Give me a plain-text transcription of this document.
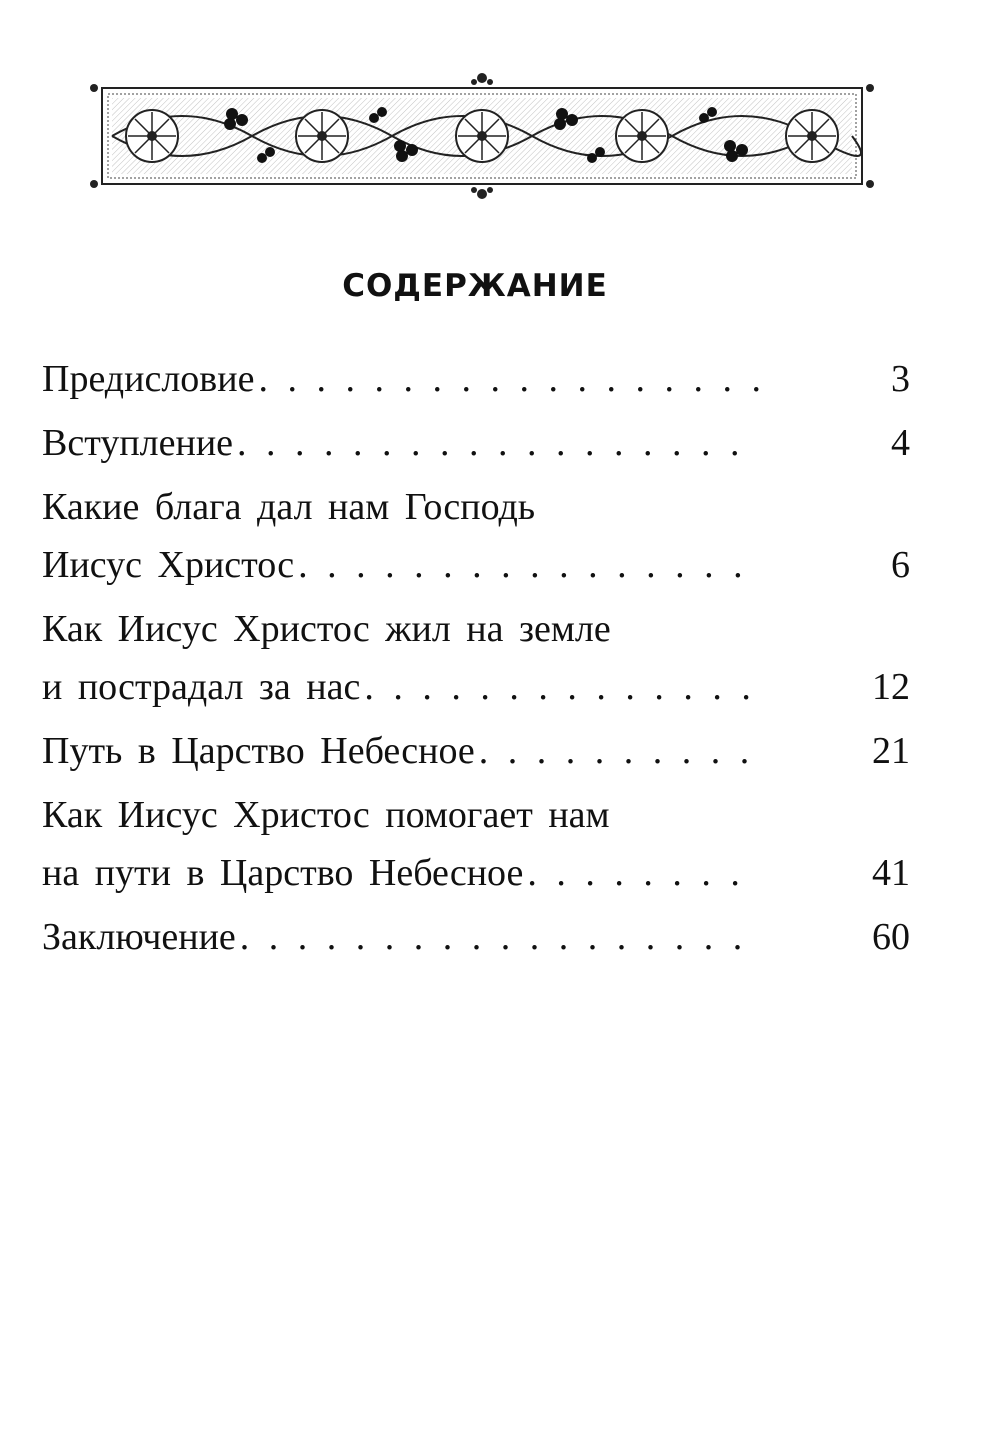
СОДЕРЖАНИЕ
Предисловие . . .	3
Вступление . . .	4
Какие блага дал нам Господь
Иисус Христос . . .	6
Как Иисус Христос жил на земле
и пострадал за нас . . .	12
Путь в Царство Небесное . . .	21
Как Иисус Христос помогает нам
на пути в Царство Небесное . . .	41
Заключение . . .	60
